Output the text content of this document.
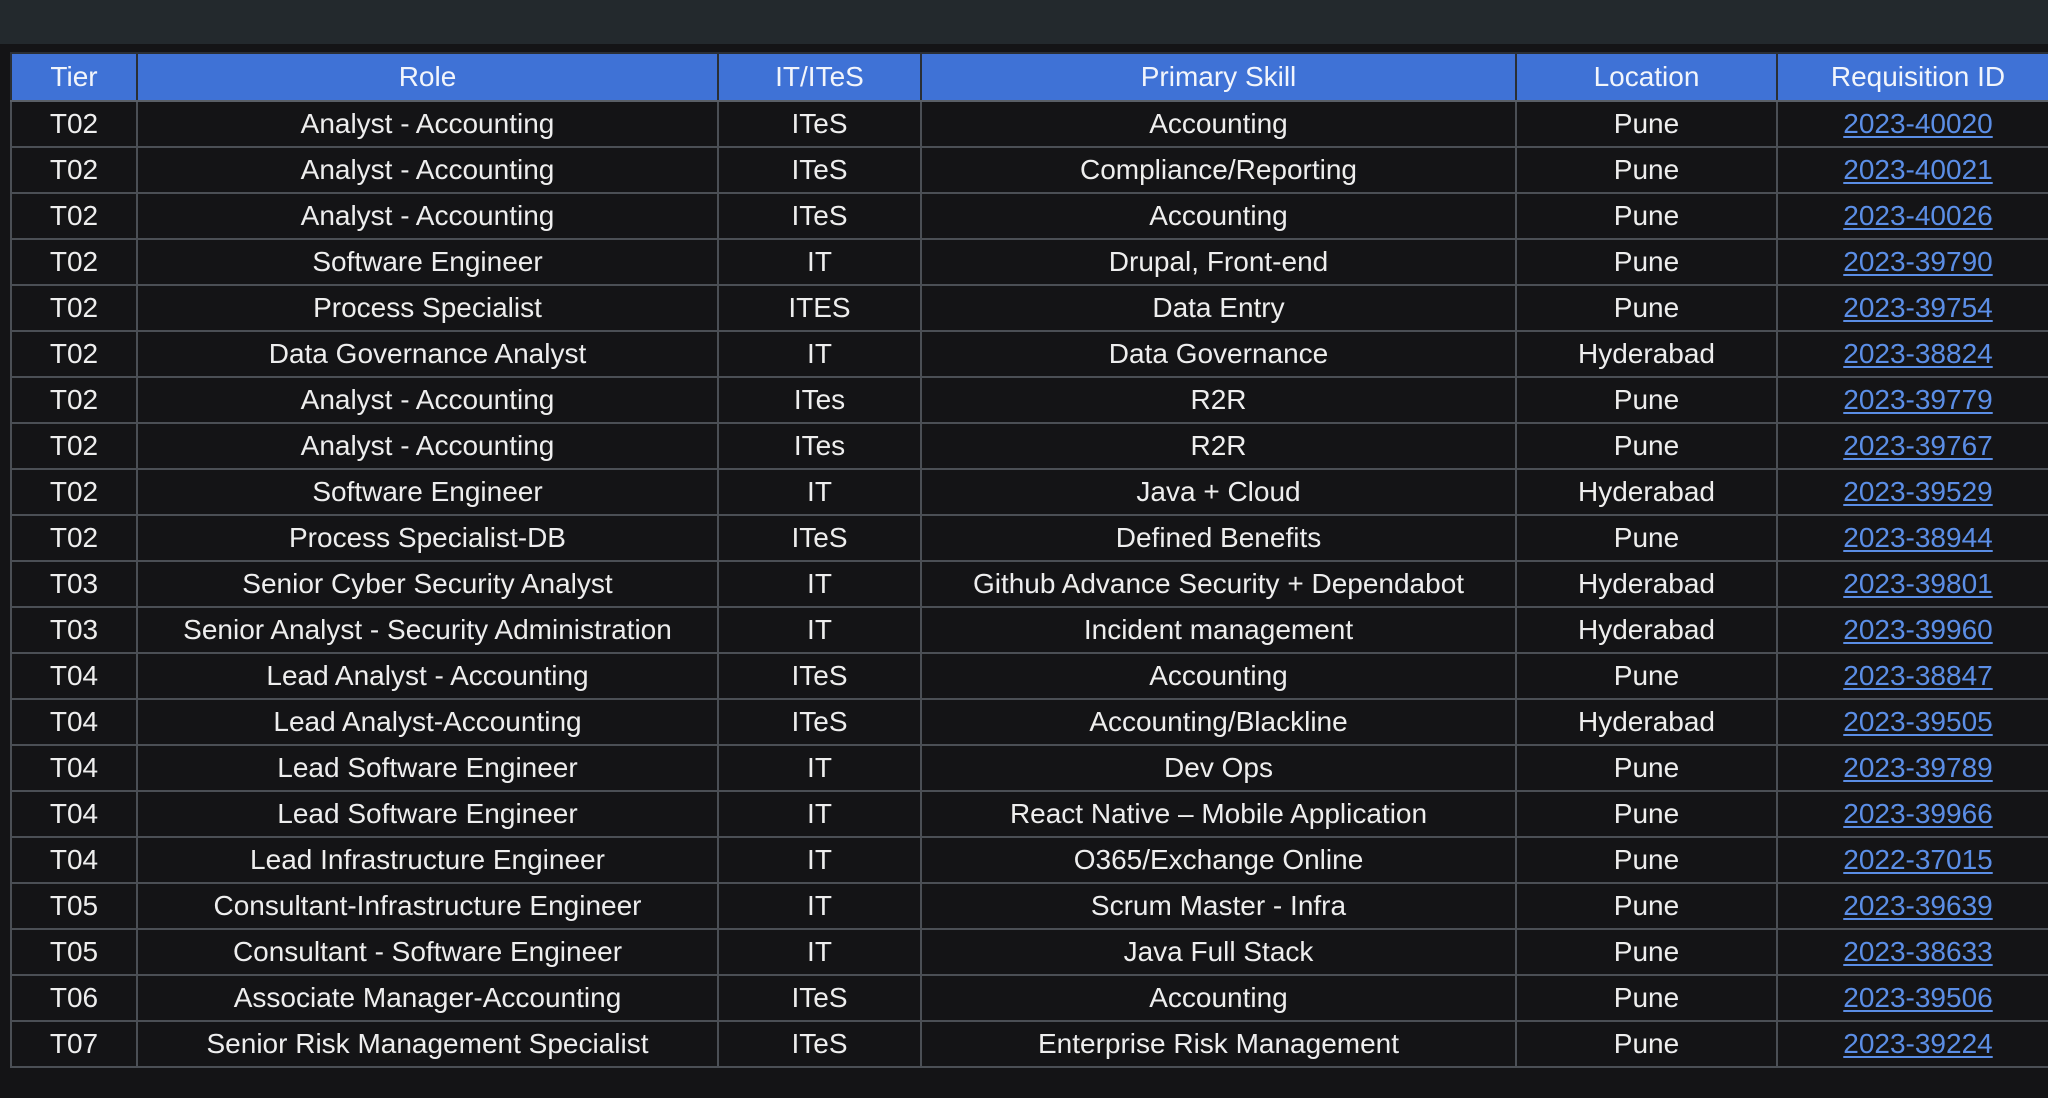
Tier	Role	IT/ITeS	Primary Skill	Location	Requisition ID
T02	Analyst - Accounting	ITeS	Accounting	Pune	2023-40020
T02	Analyst - Accounting	ITeS	Compliance/Reporting	Pune	2023-40021
T02	Analyst - Accounting	ITeS	Accounting	Pune	2023-40026
T02	Software Engineer	IT	Drupal, Front-end	Pune	2023-39790
T02	Process Specialist	ITES	Data Entry	Pune	2023-39754
T02	Data Governance Analyst	IT	Data Governance	Hyderabad	2023-38824
T02	Analyst - Accounting	ITes	R2R	Pune	2023-39779
T02	Analyst - Accounting	ITes	R2R	Pune	2023-39767
T02	Software Engineer	IT	Java + Cloud	Hyderabad	2023-39529
T02	Process Specialist-DB	ITeS	Defined Benefits	Pune	2023-38944
T03	Senior Cyber Security Analyst	IT	Github Advance Security + Dependabot	Hyderabad	2023-39801
T03	Senior Analyst - Security Administration	IT	Incident management	Hyderabad	2023-39960
T04	Lead Analyst - Accounting	ITeS	Accounting	Pune	2023-38847
T04	Lead Analyst-Accounting	ITeS	Accounting/Blackline	Hyderabad	2023-39505
T04	Lead Software Engineer	IT	Dev Ops	Pune	2023-39789
T04	Lead Software Engineer	IT	React Native – Mobile Application	Pune	2023-39966
T04	Lead Infrastructure Engineer	IT	O365/Exchange Online	Pune	2022-37015
T05	Consultant-Infrastructure Engineer	IT	Scrum Master - Infra	Pune	2023-39639
T05	Consultant - Software Engineer	IT	Java Full Stack	Pune	2023-38633
T06	Associate Manager-Accounting	ITeS	Accounting	Pune	2023-39506
T07	Senior Risk Management Specialist	ITeS	Enterprise Risk Management	Pune	2023-39224
